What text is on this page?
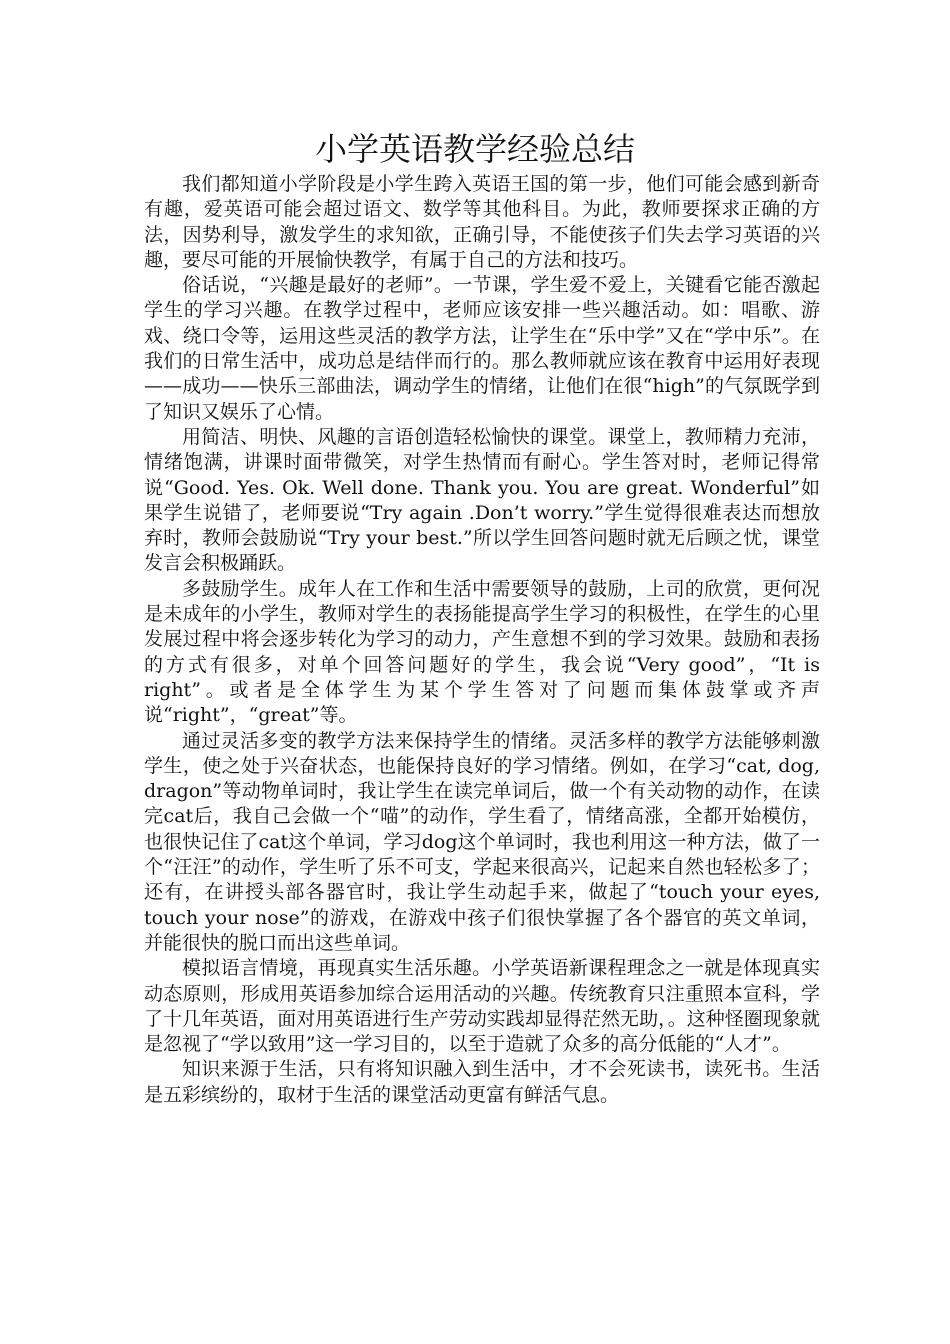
小学英语教学经验总结

我们都知道小学阶段是小学生跨入英语王国的第一步，他们可能会感到新奇有趣，爱英语可能会超过语文、数学等其他科目。为此，教师要探求正确的方法，因势利导，激发学生的求知欲，正确引导，不能使孩子们失去学习英语的兴趣，要尽可能的开展愉快教学，有属于自己的方法和技巧。

俗话说，“兴趣是最好的老师”。一节课，学生爱不爱上，关键看它能否激起学生的学习兴趣。在教学过程中，老师应该安排一些兴趣活动。如：唱歌、游戏、绕口令等，运用这些灵活的教学方法，让学生在“乐中学”又在“学中乐”。在我们的日常生活中，成功总是结伴而行的。那么教师就应该在教育中运用好表现——成功——快乐三部曲法，调动学生的情绪，让他们在很“high”的气氛既学到了知识又娱乐了心情。

用简洁、明快、风趣的言语创造轻松愉快的课堂。课堂上，教师精力充沛，情绪饱满，讲课时面带微笑，对学生热情而有耐心。学生答对时，老师记得常说“Good. Yes. Ok. Well done. Thank you. You are great. Wonderful”如果学生说错了，老师要说“Try again .Don’t worry.”学生觉得很难表达而想放弃时，教师会鼓励说“Try your best.”所以学生回答问题时就无后顾之忧，课堂发言会积极踊跃。

多鼓励学生。成年人在工作和生活中需要领导的鼓励，上司的欣赏，更何况是未成年的小学生，教师对学生的表扬能提高学生学习的积极性，在学生的心里发展过程中将会逐步转化为学习的动力，产生意想不到的学习效果。鼓励和表扬的方式有很多，对单个回答问题好的学生，我会说“Very good”，“It is right”。或者是全体学生为某个学生答对了问题而集体鼓掌或齐声说“right”，“great”等。

通过灵活多变的教学方法来保持学生的情绪。灵活多样的教学方法能够刺激学生，使之处于兴奋状态，也能保持良好的学习情绪。例如，在学习“cat, dog, dragon”等动物单词时，我让学生在读完单词后，做一个有关动物的动作，在读完cat后，我自己会做一个“喵”的动作，学生看了，情绪高涨，全都开始模仿，也很快记住了cat这个单词，学习dog这个单词时，我也利用这一种方法，做了一个“汪汪”的动作，学生听了乐不可支，学起来很高兴，记起来自然也轻松多了；还有，在讲授头部各器官时，我让学生动起手来，做起了“touch your eyes, touch your nose”的游戏，在游戏中孩子们很快掌握了各个器官的英文单词，并能很快的脱口而出这些单词。

模拟语言情境，再现真实生活乐趣。小学英语新课程理念之一就是体现真实动态原则，形成用英语参加综合运用活动的兴趣。传统教育只注重照本宣科，学了十几年英语，面对用英语进行生产劳动实践却显得茫然无助，。这种怪圈现象就是忽视了“学以致用”这一学习目的，以至于造就了众多的高分低能的“人才”。

知识来源于生活，只有将知识融入到生活中，才不会死读书，读死书。生活是五彩缤纷的，取材于生活的课堂活动更富有鲜活气息。
